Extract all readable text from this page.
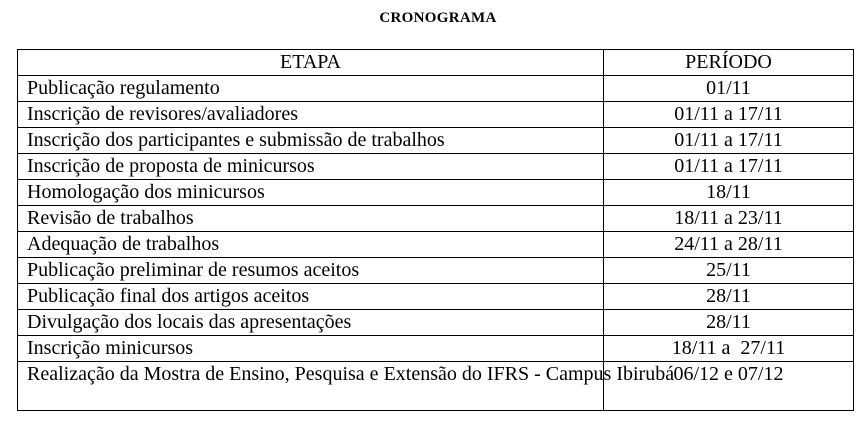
CRONOGRAMA
ETAPA	PERÍODO
Publicação regulamento	01/11
Inscrição de revisores/avaliadores	01/11 a 17/11
Inscrição dos participantes e submissão de trabalhos	01/11 a 17/11
Inscrição de proposta de minicursos	01/11 a 17/11
Homologação dos minicursos	18/11
Revisão de trabalhos	18/11 a 23/11
Adequação de trabalhos	24/11 a 28/11
Publicação preliminar de resumos aceitos	25/11
Publicação final dos artigos aceitos	28/11
Divulgação dos locais das apresentações	28/11
Inscrição minicursos	18/11 a  27/11
Realização da Mostra de Ensino, Pesquisa e Extensão do IFRS - Campus Ibirubá	06/12 e 07/12
